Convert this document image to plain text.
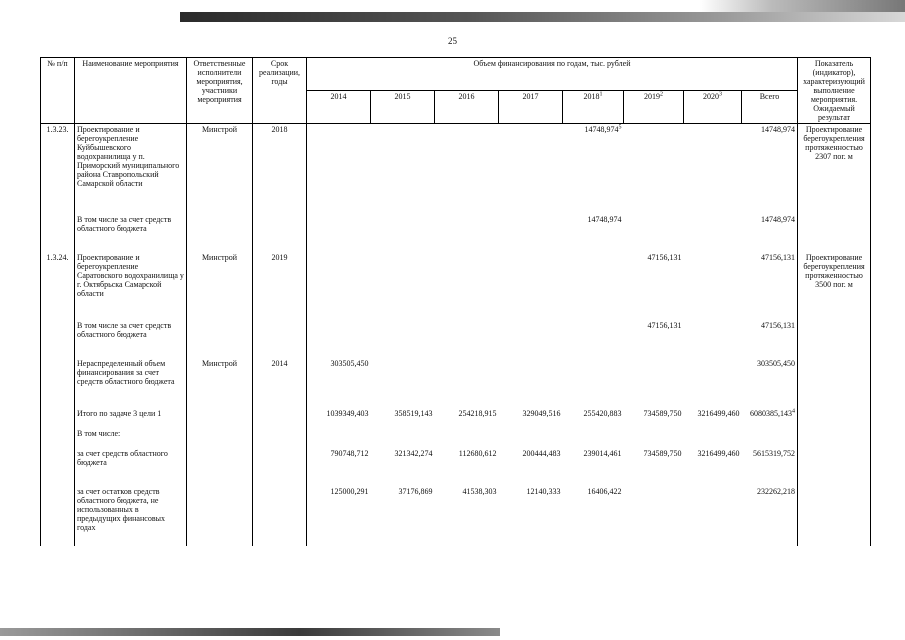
25
№ п/п	Наименование мероприятия	Ответственные исполнители мероприятия, участники мероприятия	Срок реализации, годы	Объем финансирования по годам, тыс. рублей								Показатель (индикатор), характеризующий выполнение мероприятия. Ожидаемый результат
				2014	2015	2016	2017	2018$^1$	2019$^2$	2020$^3$	Всего	
1.3.23.	Проектирование и берегоукрепление Куйбышевского водохранилища у п. Приморский муниципального района Ставропольский Самарской области	Минстрой	2018					14748,974$^5$			14748,974	Проектирование берегоукрепления протяженностью 2307 пог. м
	В том числе за счет средств областного бюджета							14748,974			14748,974	
1.3.24.	Проектирование и берегоукрепление Саратовского водохранилища у г. Октябрьска Самарской области	Минстрой	2019						47156,131		47156,131	Проектирование берегоукрепления протяженностью 3500 пог. м
	В том числе за счет средств областного бюджета								47156,131		47156,131	
	Нераспределенный объем финансирования за счет средств областного бюджета	Минстрой	2014	303505,450							303505,450	
	Итого по задаче 3 цели 1			1039349,403	358519,143	254218,915	329049,516	255420,883	734589,750	3216499,460	6080385,143$^4$	
	В том числе:											
	за счет средств областного бюджета			790748,712	321342,274	112680,612	200444,483	239014,461	734589,750	3216499,460	5615319,752	
	за счет остатков средств областного бюджета, не использованных в предыдущих финансовых годах			125000,291	37176,869	41538,303	12140,333	16406,422			232262,218	
